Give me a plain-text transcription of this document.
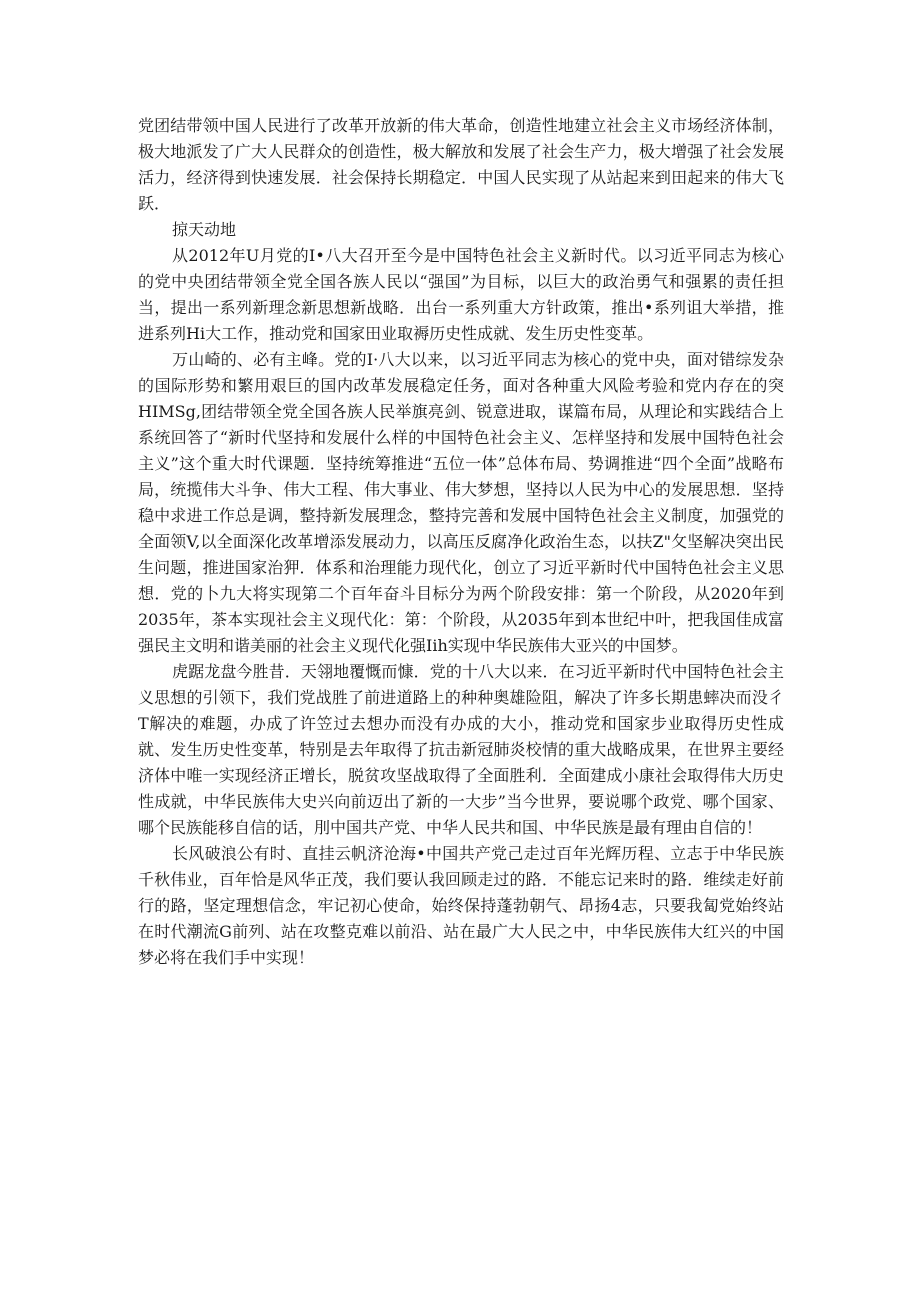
党团结带领中国人民进行了改革开放新的伟大革命，创造性地建立社会主义市场经济体制，极大地派发了广大人民群众的创造性，极大解放和发展了社会生产力，极大增强了社会发展活力，经济得到快速发展．社会保持长期稳定．中国人民实现了从站起来到田起来的伟大飞跃．

掠天动地

从2012年U月党的I•八大召开至今是中国特色社会主义新时代。以习近平同志为核心的党中央团结带领全党全国各族人民以“强国”为目标，以巨大的政治勇气和强累的责任担当，提出一系列新理念新思想新战略．出台一系列重大方针政策，推出•系列诅大举措，推进系列Hi大工作，推动党和国家田业取褥历史性成就、发生历史性变革。

万山崎的、必有主峰。党的I·八大以来，以习近平同志为核心的党中央，面对错综发杂的国际形势和繁用艰巨的国内改革发展稳定任务，面对各种重大风险考验和党内存在的突HIMSg,团结带领全党全国各族人民举旗亮剑、锐意进取，谋篇布局，从理论和实践结合上系统回答了“新时代坚持和发展什么样的中国特色社会主义、怎样坚持和发展中国特色社会主义”这个重大时代课题．坚持统筹推进“五位一体”总体布局、势调推进“四个全面”战略布局，统揽伟大斗争、伟大工程、伟大事业、伟大梦想，坚持以人民为中心的发展思想．坚持稳中求进工作总是调，整持新发展理念，整持完善和发展中国特色社会主义制度，加强党的全面领V,以全面深化改革增添发展动力，以高压反腐净化政治生态，以扶Z"攵坚解决突出民生问题，推进国家治狎．体系和治理能力现代化，创立了习近平新时代中国特色社会主义思想．党的卜九大将实现第二个百年奋斗目标分为两个阶段安排：第一个阶段，从2020年到2035年，茶本实现社会主义现代化：第：个阶段，从2035年到本世纪中叶，把我国佳成富强民主文明和谐美丽的社会主义现代化强Iih实现中华民族伟大亚兴的中国梦。

虎踞龙盘今胜昔．天翎地覆慨而慷．党的十八大以来．在习近平新时代中国特色社会主义思想的引领下，我们党战胜了前进道路上的种种奥雄险阻，解决了许多长期患蟀决而没彳T解决的难题，办成了许笠过去想办而没有办成的大小，推动党和国家步业取得历史性成就、发生历史性变革，特别是去年取得了抗击新冠肺炎校情的重大战略成果，在世界主要经济体中唯一实现经济正增长，脱贫攻坚战取得了全面胜利．全面建成小康社会取得伟大历史性成就，中华民族伟大史兴向前迈出了新的一大步”当今世界，要说哪个政党、哪个国家、哪个民族能移自信的话，刖中国共产党、中华人民共和国、中华民族是最有理由自信的！

长风破浪公有时、直挂云帆济沧海•中国共产党己走过百年光辉历程、立志于中华民族千秋伟业，百年恰是风华正茂，我们要认我回顾走过的路．不能忘记来时的路．维续走好前行的路，坚定理想信念，牢记初心使命，始终保持蓬勃朝气、昂扬4志，只要我匐党始终站在时代潮流G前列、站在攻整克难以前沿、站在最广大人民之中，中华民族伟大红兴的中国梦必将在我们手中实现！
